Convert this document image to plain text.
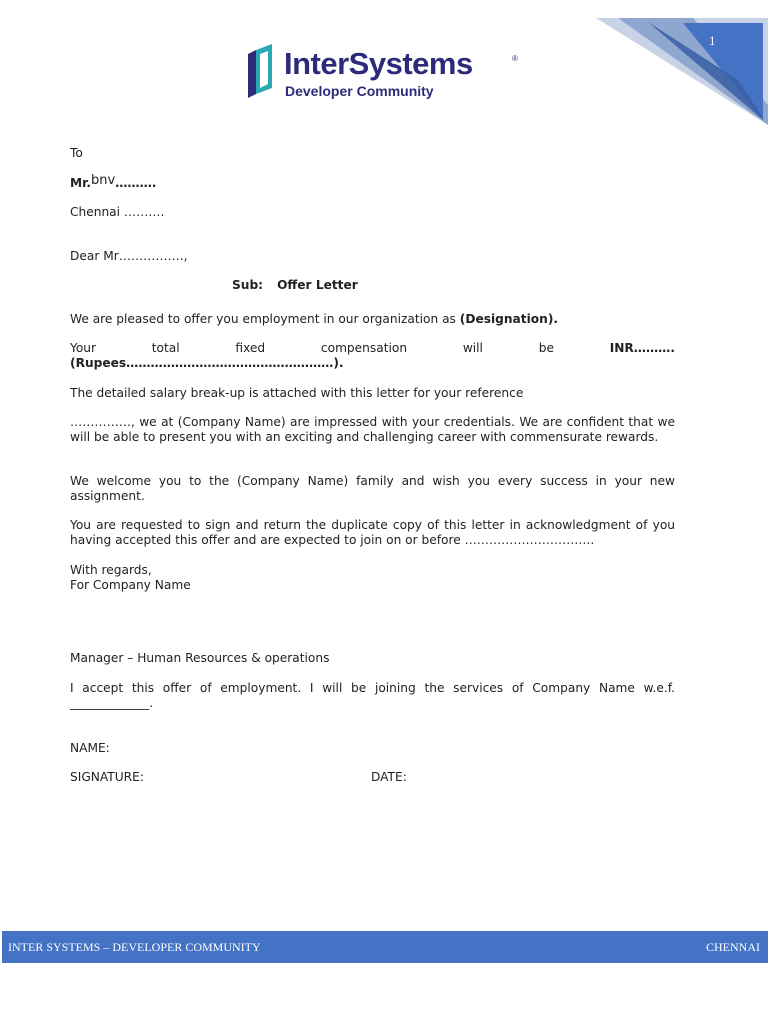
1
InterSystems	®
Developer Community
To
Mr.bnv……….
Chennai ……….
Dear Mr…………….,
Sub: Offer Letter
We are pleased to offer you employment in our organization as (Designation).
Your	total	fixed	compensation	will	be	INR……….
(Rupees……………………………………………).
The detailed salary break-up is attached with this letter for your reference
……………, we at (Company Name) are impressed with your credentials. We are confident that we will be able to present you with an exciting and challenging career with commensurate rewards.
We welcome you to the (Company Name) family and wish you every success in your new assignment.
You are requested to sign and return the duplicate copy of this letter in acknowledgment of you having accepted this offer and are expected to join on or before …………………………..
With regards,
For Company Name
Manager – Human Resources & operations
I accept this offer of employment. I will be joining the services of Company Name w.e.f. _____________.
NAME:
SIGNATURE:	DATE:
INTER SYSTEMS – DEVELOPER COMMUNITY	CHENNAI
